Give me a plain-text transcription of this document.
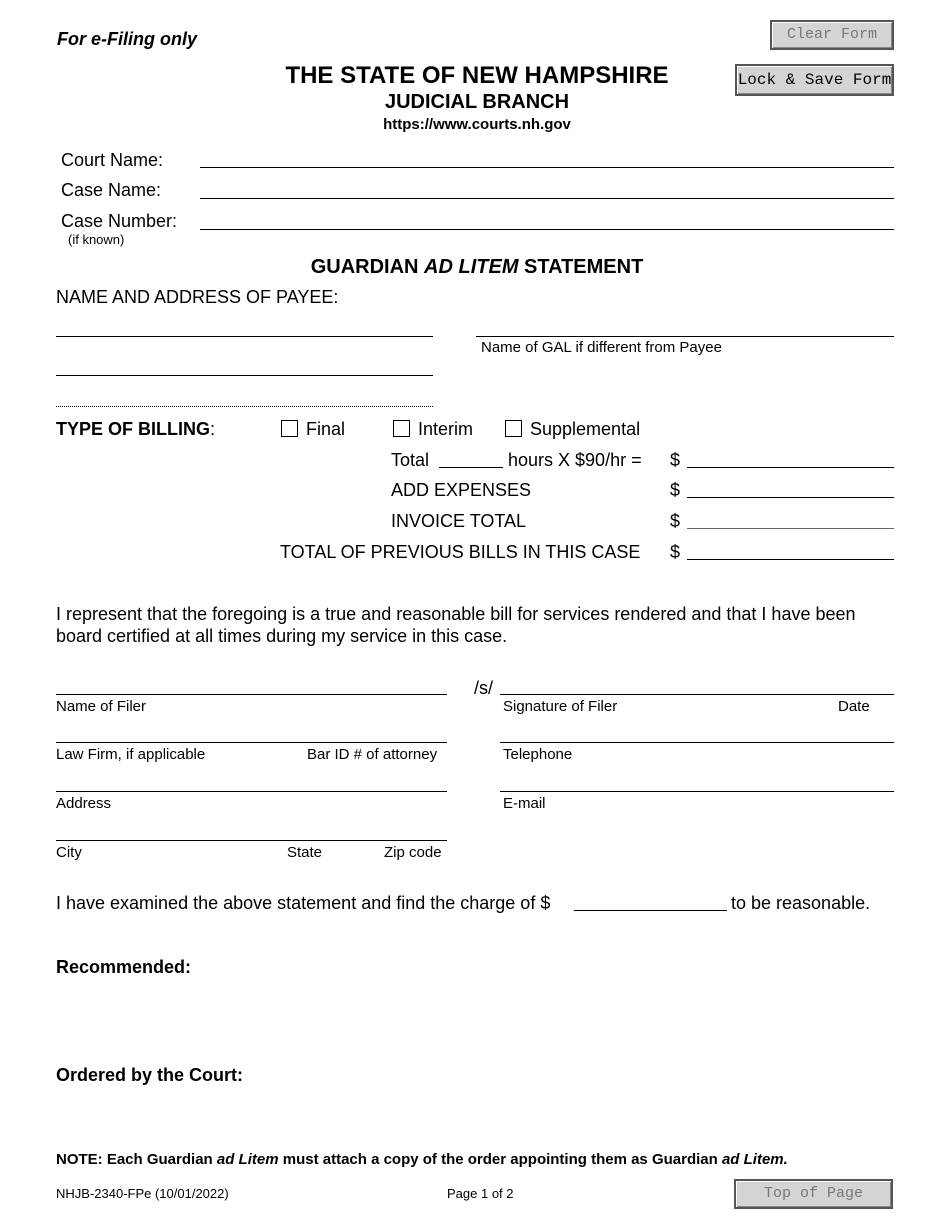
For e-Filing only
THE STATE OF NEW HAMPSHIRE
JUDICIAL BRANCH
https://www.courts.nh.gov
Clear Form
Lock & Save Form
Court Name:
Case Name:
Case Number:
(if known)
GUARDIAN AD LITEM STATEMENT
NAME AND ADDRESS OF PAYEE:
Name of GAL if different from Payee
TYPE OF BILLING:	Final	Interim	Supplemental
Total	hours X $90/hr = $
ADD EXPENSES	$
INVOICE TOTAL	$
TOTAL OF PREVIOUS BILLS IN THIS CASE $
I represent that the foregoing is a true and reasonable bill for services rendered and that I have been board certified at all times during my service in this case.
Name of Filer
/s/
Signature of Filer	Date
Law Firm, if applicable	Bar ID # of attorney	Telephone
Address	E-mail
City	State	Zip code
I have examined the above statement and find the charge of $	to be reasonable.
Recommended:
Ordered by the Court:
NOTE: Each Guardian ad Litem must attach a copy of the order appointing them as Guardian ad Litem.
NHJB-2340-FPe (10/01/2022)	Page 1 of 2	Top of Page
